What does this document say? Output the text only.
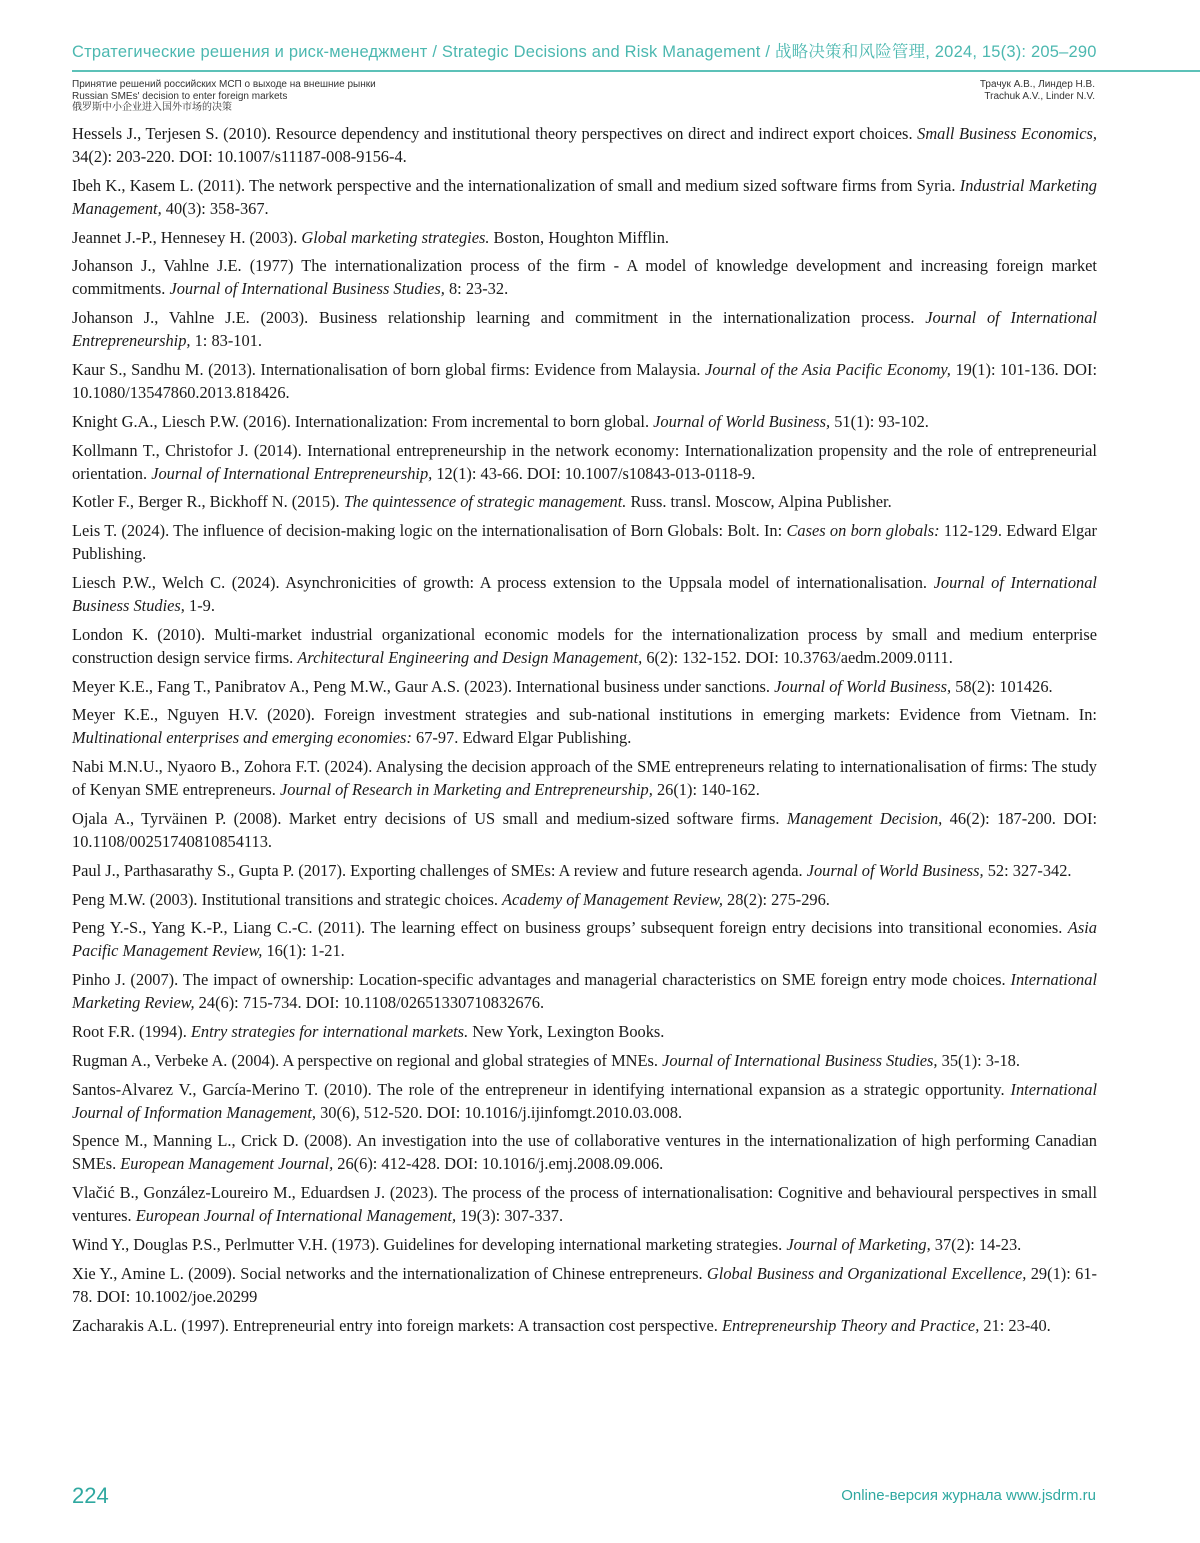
Стратегические решения и риск-менеджмент / Strategic Decisions and Risk Management / 战略决策和风险管理, 2024, 15(3): 205–290
Принятие решений российских МСП о выходе на внешние рынки
Russian SMEs' decision to enter foreign markets
俄罗斯中小企业进入国外市场的决策
Трачук А.В., Линдер Н.В.
Trachuk A.V., Linder N.V.

Hessels J., Terjesen S. (2010). Resource dependency and institutional theory perspectives on direct and indirect export choices. Small Business Economics, 34(2): 203-220. DOI: 10.1007/s11187-008-9156-4.

Ibeh K., Kasem L. (2011). The network perspective and the internationalization of small and medium sized software firms from Syria. Industrial Marketing Management, 40(3): 358-367.

Jeannet J.-P., Hennesey H. (2003). Global marketing strategies. Boston, Houghton Mifflin.

Johanson J., Vahlne J.E. (1977) The internationalization process of the firm - A model of knowledge development and increasing foreign market commitments. Journal of International Business Studies, 8: 23-32.

Johanson J., Vahlne J.E. (2003). Business relationship learning and commitment in the internationalization process. Journal of International Entrepreneurship, 1: 83-101.

Kaur S., Sandhu M. (2013). Internationalisation of born global firms: Evidence from Malaysia. Journal of the Asia Pacific Economy, 19(1): 101-136. DOI: 10.1080/13547860.2013.818426.

Knight G.A., Liesch P.W. (2016). Internationalization: From incremental to born global. Journal of World Business, 51(1): 93-102.

Kollmann T., Christofor J. (2014). International entrepreneurship in the network economy: Internationalization propensity and the role of entrepreneurial orientation. Journal of International Entrepreneurship, 12(1): 43-66. DOI: 10.1007/s10843-013-0118-9.

Kotler F., Berger R., Bickhoff N. (2015). The quintessence of strategic management. Russ. transl. Moscow, Alpina Publisher.

Leis T. (2024). The influence of decision-making logic on the internationalisation of Born Globals: Bolt. In: Cases on born globals: 112-129. Edward Elgar Publishing.

Liesch P.W., Welch C. (2024). Asynchronicities of growth: A process extension to the Uppsala model of internationalisation. Journal of International Business Studies, 1-9.

London K. (2010). Multi-market industrial organizational economic models for the internationalization process by small and medium enterprise construction design service firms. Architectural Engineering and Design Management, 6(2): 132-152. DOI: 10.3763/aedm.2009.0111.

Meyer K.E., Fang T., Panibratov A., Peng M.W., Gaur A.S. (2023). International business under sanctions. Journal of World Business, 58(2): 101426.

Meyer K.E., Nguyen H.V. (2020). Foreign investment strategies and sub-national institutions in emerging markets: Evidence from Vietnam. In: Multinational enterprises and emerging economies: 67-97. Edward Elgar Publishing.

Nabi M.N.U., Nyaoro B., Zohora F.T. (2024). Analysing the decision approach of the SME entrepreneurs relating to internationalisation of firms: The study of Kenyan SME entrepreneurs. Journal of Research in Marketing and Entrepreneurship, 26(1): 140-162.

Ojala A., Tyrväinen P. (2008). Market entry decisions of US small and medium-sized software firms. Management Decision, 46(2): 187-200. DOI: 10.1108/00251740810854113.

Paul J., Parthasarathy S., Gupta P. (2017). Exporting challenges of SMEs: A review and future research agenda. Journal of World Business, 52: 327-342.

Peng M.W. (2003). Institutional transitions and strategic choices. Academy of Management Review, 28(2): 275-296.

Peng Y.-S., Yang K.-P., Liang C.-C. (2011). The learning effect on business groups’ subsequent foreign entry decisions into transitional economies. Asia Pacific Management Review, 16(1): 1-21.

Pinho J. (2007). The impact of ownership: Location-specific advantages and managerial characteristics on SME foreign entry mode choices. International Marketing Review, 24(6): 715-734. DOI: 10.1108/02651330710832676.

Root F.R. (1994). Entry strategies for international markets. New York, Lexington Books.

Rugman A., Verbeke A. (2004). A perspective on regional and global strategies of MNEs. Journal of International Business Studies, 35(1): 3-18.

Santos-Alvarez V., García-Merino T. (2010). The role of the entrepreneur in identifying international expansion as a strategic opportunity. International Journal of Information Management, 30(6), 512-520. DOI: 10.1016/j.ijinfomgt.2010.03.008.

Spence M., Manning L., Crick D. (2008). An investigation into the use of collaborative ventures in the internationalization of high performing Canadian SMEs. European Management Journal, 26(6): 412-428. DOI: 10.1016/j.emj.2008.09.006.

Vlačić B., González-Loureiro M., Eduardsen J. (2023). The process of the process of internationalisation: Cognitive and behavioural perspectives in small ventures. European Journal of International Management, 19(3): 307-337.

Wind Y., Douglas P.S., Perlmutter V.H. (1973). Guidelines for developing international marketing strategies. Journal of Marketing, 37(2): 14-23.

Xie Y., Amine L. (2009). Social networks and the internationalization of Chinese entrepreneurs. Global Business and Organizational Excellence, 29(1): 61-78. DOI: 10.1002/joe.20299

Zacharakis A.L. (1997). Entrepreneurial entry into foreign markets: A transaction cost perspective. Entrepreneurship Theory and Practice, 21: 23-40.

224	Online-версия журнала www.jsdrm.ru
